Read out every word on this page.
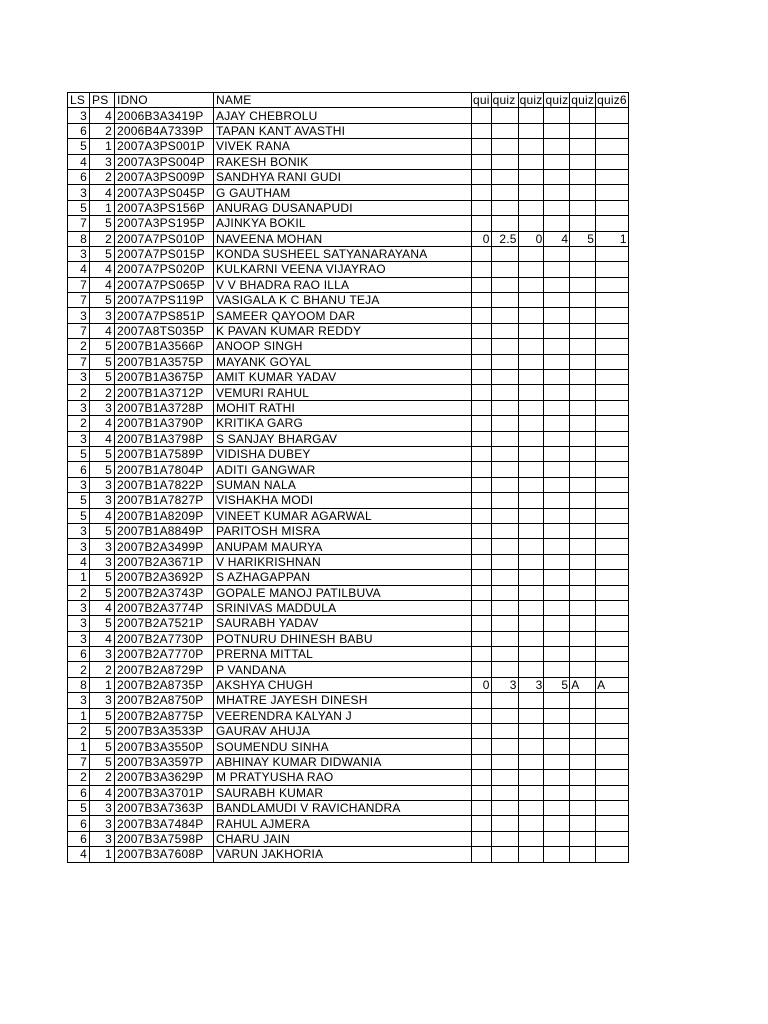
LS	PS	IDNO	NAME	qui	quiz	quiz	quiz	quiz	quiz6
3	4	2006B3A3419P	AJAY CHEBROLU						
6	2	2006B4A7339P	TAPAN KANT AVASTHI						
5	1	2007A3PS001P	VIVEK RANA						
4	3	2007A3PS004P	RAKESH BONIK						
6	2	2007A3PS009P	SANDHYA RANI GUDI						
3	4	2007A3PS045P	G GAUTHAM						
5	1	2007A3PS156P	ANURAG DUSANAPUDI						
7	5	2007A3PS195P	AJINKYA BOKIL						
8	2	2007A7PS010P	NAVEENA MOHAN	0	2.5	0	4	5	1
3	5	2007A7PS015P	KONDA SUSHEEL SATYANARAYANA						
4	4	2007A7PS020P	KULKARNI VEENA VIJAYRAO						
7	4	2007A7PS065P	V V BHADRA RAO ILLA						
7	5	2007A7PS119P	VASIGALA K C BHANU TEJA						
3	3	2007A7PS851P	SAMEER QAYOOM DAR						
7	4	2007A8TS035P	K PAVAN KUMAR REDDY						
2	5	2007B1A3566P	ANOOP SINGH						
7	5	2007B1A3575P	MAYANK GOYAL						
3	5	2007B1A3675P	AMIT KUMAR YADAV						
2	2	2007B1A3712P	VEMURI RAHUL						
3	3	2007B1A3728P	MOHIT RATHI						
2	4	2007B1A3790P	KRITIKA GARG						
3	4	2007B1A3798P	S SANJAY BHARGAV						
5	5	2007B1A7589P	VIDISHA DUBEY						
6	5	2007B1A7804P	ADITI GANGWAR						
3	3	2007B1A7822P	SUMAN NALA						
5	3	2007B1A7827P	VISHAKHA MODI						
5	4	2007B1A8209P	VINEET KUMAR AGARWAL						
3	5	2007B1A8849P	PARITOSH MISRA						
3	3	2007B2A3499P	ANUPAM MAURYA						
4	3	2007B2A3671P	V HARIKRISHNAN						
1	5	2007B2A3692P	S AZHAGAPPAN						
2	5	2007B2A3743P	GOPALE MANOJ PATILBUVA						
3	4	2007B2A3774P	SRINIVAS MADDULA						
3	5	2007B2A7521P	SAURABH YADAV						
3	4	2007B2A7730P	POTNURU DHINESH BABU						
6	3	2007B2A7770P	PRERNA MITTAL						
2	2	2007B2A8729P	P VANDANA						
8	1	2007B2A8735P	AKSHYA CHUGH	0	3	3	5	A	A
3	3	2007B2A8750P	MHATRE JAYESH DINESH						
1	5	2007B2A8775P	VEERENDRA KALYAN J						
2	5	2007B3A3533P	GAURAV AHUJA						
1	5	2007B3A3550P	SOUMENDU SINHA						
7	5	2007B3A3597P	ABHINAY KUMAR DIDWANIA						
2	2	2007B3A3629P	M PRATYUSHA RAO						
6	4	2007B3A3701P	SAURABH KUMAR						
5	3	2007B3A7363P	BANDLAMUDI V RAVICHANDRA						
6	3	2007B3A7484P	RAHUL AJMERA						
6	3	2007B3A7598P	CHARU JAIN						
4	1	2007B3A7608P	VARUN JAKHORIA						
